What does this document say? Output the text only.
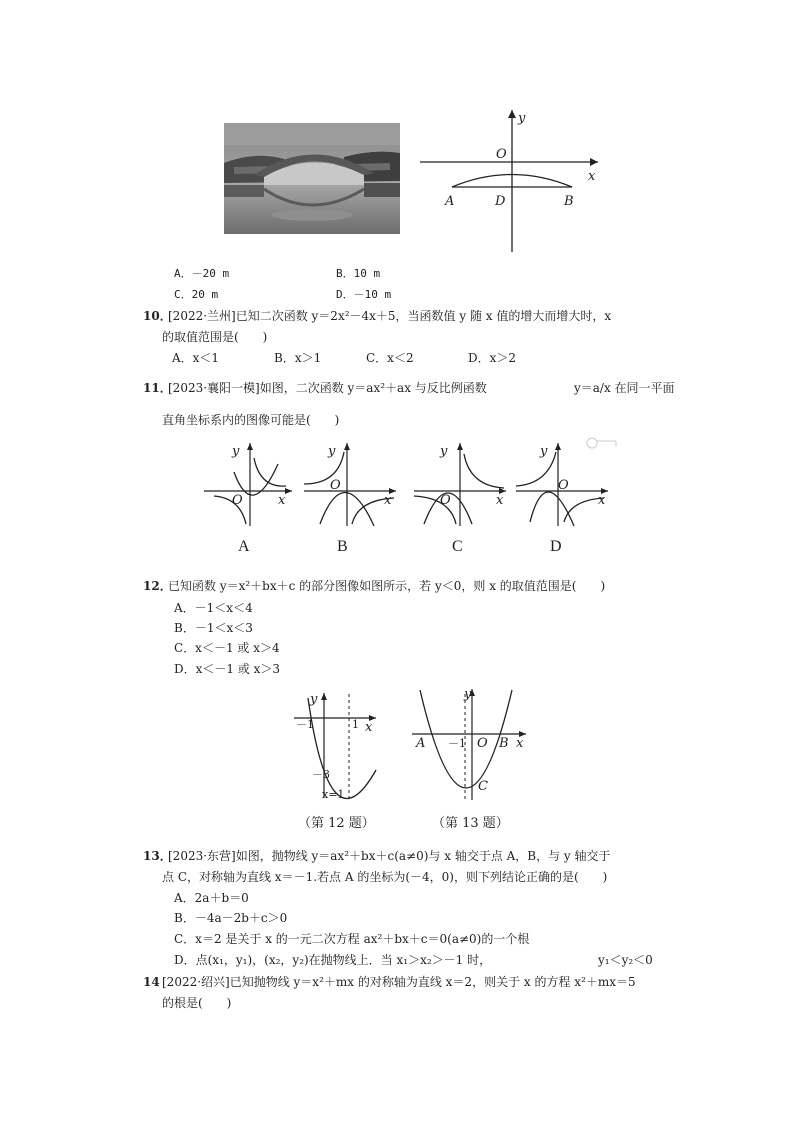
y
O
x
A	D	B
A．－20 m	B．10 m
C．20 m	D．－10 m
10．
[2022·兰州]已知二次函数 y＝2x²－4x＋5，当函数值 y 随 x 值的增大而增大时，x
的取值范围是(　　)
A．x＜1	B．x＞1	C．x＜2	D．x＞2
11．
[2023·襄阳一模]如图，二次函数 y＝ax²＋ax 与反比例函数	y＝a/x 在同一平面
直角坐标系内的图像可能是(　　)
y
O	x
y
O
x
y
O	x
y
O
x
A	B	C	D
12．
已知函数 y＝x²＋bx＋c 的部分图像如图所示，若 y＜0，则 x 的取值范围是(　　)
A．－1＜x＜4
B．－1＜x＜3
C．x＜－1 或 x＞4
D．x＜－1 或 x＞3
y
－1	1 x
－3
x=1
y
A －1 O B x
C
（第 12 题）	（第 13 题）
13．
[2023·东营]如图，抛物线 y＝ax²＋bx＋c(a≠0)与 x 轴交于点 A，B，与 y 轴交于
点 C，对称轴为直线 x＝－1.若点 A 的坐标为(－4，0)，则下列结论正确的是(　　)
A．2a＋b＝0
B．－4a－2b＋c＞0
C．x＝2 是关于 x 的一元二次方程 ax²＋bx＋c＝0(a≠0)的一个根
D．点(x₁，y₁)，(x₂，y₂)在抛物线上．当 x₁＞x₂＞－1 时，	y₁＜y₂＜0
14 [2022·绍兴]已知抛物线 y＝x²＋mx 的对称轴为直线 x＝2，则关于 x 的方程 x²＋mx＝5
的根是(　　)
